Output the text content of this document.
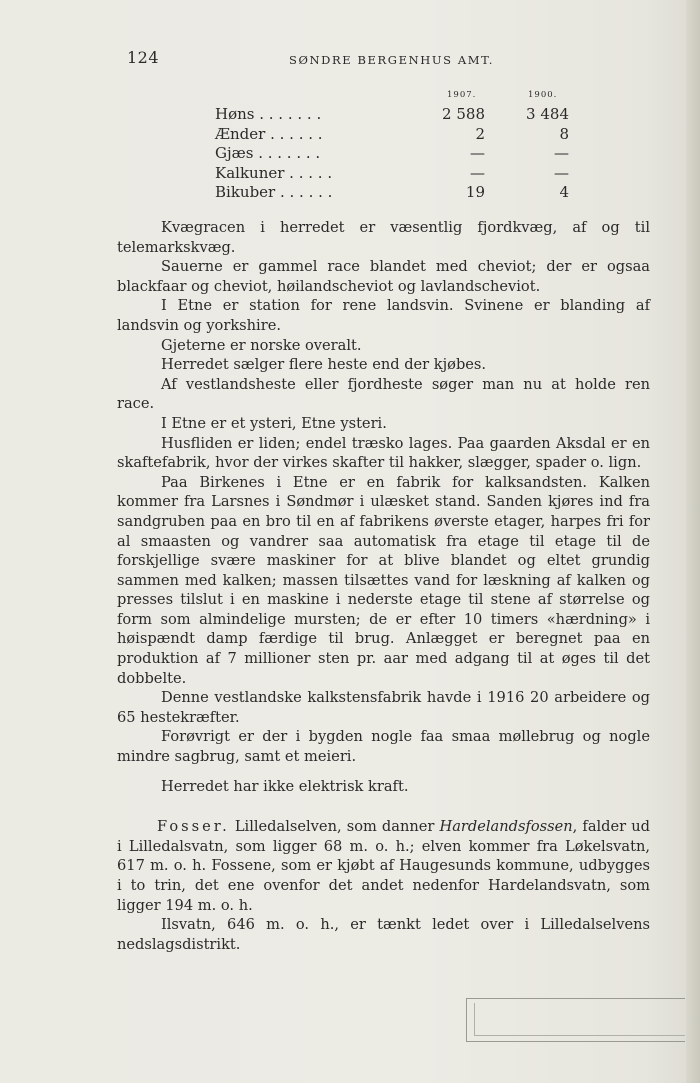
124	SØNDRE BERGENHUS AMT.
1907.	1900.
Høns . . . . . . .	2 588	3 484
Ænder . . . . . .	2	8
Gjæs . . . . . . .	—	—
Kalkuner . . . . .	—	—
Bikuber . . . . . .	19	4

Kvægracen i herredet er væsentlig fjordkvæg, af og til telemarkskvæg.

Sauerne er gammel race blandet med cheviot; der er ogsaa blackfaar og cheviot, høilandscheviot og lavlandscheviot.

I Etne er station for rene landsvin. Svinene er blanding af landsvin og yorkshire.

Gjeterne er norske overalt.

Herredet sælger flere heste end der kjøbes.

Af vestlandsheste eller fjordheste søger man nu at holde ren race.

I Etne er et ysteri, Etne ysteri.

Husfliden er liden; endel træsko lages. Paa gaarden Aksdal er en skaftefabrik, hvor der virkes skafter til hakker, slægger, spader o. lign.

Paa Birkenes i Etne er en fabrik for kalksandsten. Kalken kommer fra Larsnes i Søndmør i ulæsket stand. Sanden kjøres ind fra sandgruben paa en bro til en af fabrikens øverste etager, harpes fri for al smaasten og vandrer saa automatisk fra etage til etage til de forskjellige svære maskiner for at blive blandet og eltet grundig sammen med kalken; massen tilsættes vand for læskning af kalken og presses tilslut i en maskine i nederste etage til stene af størrelse og form som almindelige mursten; de er efter 10 timers «hærdning» i høispændt damp færdige til brug. Anlægget er beregnet paa en produktion af 7 millioner sten pr. aar med adgang til at øges til det dobbelte.

Denne vestlandske kalkstensfabrik havde i 1916 20 arbeidere og 65 hestekræfter.

Forøvrigt er der i bygden nogle faa smaa møllebrug og nogle mindre sagbrug, samt et meieri.

Herredet har ikke elektrisk kraft.

Fosser. Lilledalselven, som danner Hardelandsfossen, falder ud i Lilledalsvatn, som ligger 68 m. o. h.; elven kommer fra Løkelsvatn, 617 m. o. h. Fossene, som er kjøbt af Haugesunds kommune, udbygges i to trin, det ene ovenfor det andet nedenfor Hardelandsvatn, som ligger 194 m. o. h.

Ilsvatn, 646 m. o. h., er tænkt ledet over i Lilledalselvens nedslagsdistrikt.
